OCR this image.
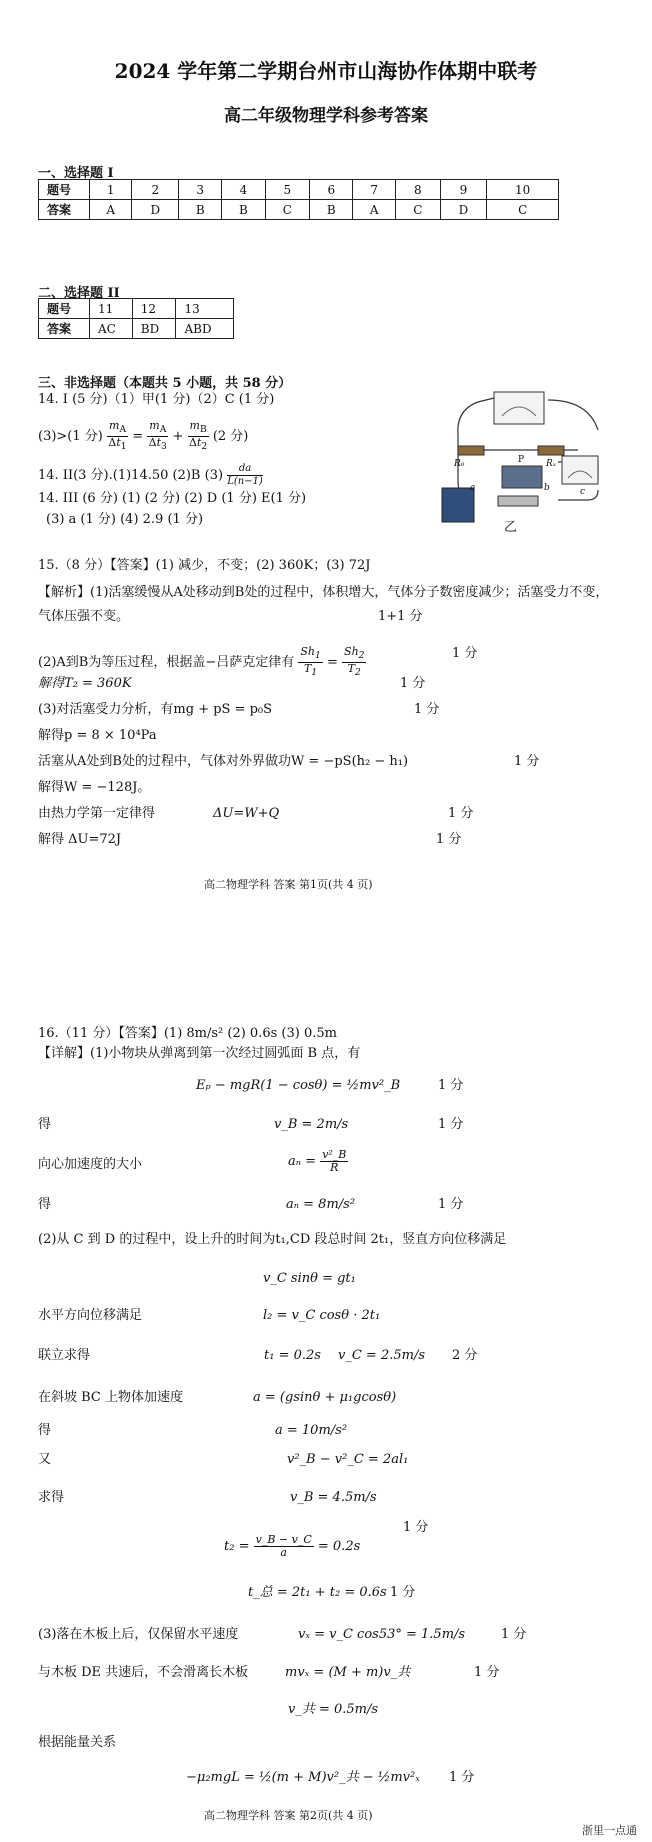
2024 学年第二学期台州市山海协作体期中联考
高二年级物理学科参考答案
一、选择题 I
题号	1	2	3	4	5	6	7	8	9	10
答案	A	D	B	B	C	B	A	C	D	C
二、选择题 II
题号	11	12	13
答案	AC	BD	ABD
三、非选择题（本题共 5 小题，共 58 分）
14. I (5 分)（1）甲(1 分)（2）C (1 分)
(3)>(1 分) $\frac{m_A}{\Delta t_1} = \frac{m_A}{\Delta t_3} + \frac{m_B}{\Delta t_2} (2$ 分)
14. II(3 分).(1)14.50 (2)B $(3) \frac{da}{L(n-1)}$
14. III (6 分) (1) (2 分) (2) D (1 分) E(1 分)
(3) a (1 分) (4) 2.9 (1 分)
R₀	Rₓ
P
a	b	c
乙
15.（8 分）【答案】(1) 减少，不变；(2) 360K；(3) 72J
【解析】(1)活塞缓慢从A处移动到B处的过程中，体积增大，气体分子数密度减少；活塞受力不变，
气体压强不变。	1+1 分
(2)A到B为等压过程，根据盖−吕萨克定律有 $\frac{Sh_1}{T_1} = \frac{Sh_2}{T_2}$	1 分
解得T₂ = 360K	1 分
(3)对活塞受力分析，有mg + pS = p₀S	1 分
解得p = 8 × 10⁴Pa
活塞从A处到B处的过程中，气体对外界做功W = −pS(h₂ − h₁)	1 分
解得W = −128J。
由热力学第一定律得	ΔU=W+Q	1 分
解得 ΔU=72J	1 分
高二物理学科 答案 第1页(共 4 页)
16.（11 分）【答案】(1) 8m/s² (2) 0.6s (3) 0.5m
【详解】(1)小物块从弹离到第一次经过圆弧面 B 点，有
Eₚ − mgR(1 − cosθ) = ½mv²_B	1 分
得	v_B = 2m/s	1 分
向心加速度的大小	$a_n = \frac{\text{v²\_B}}{R}$
得	aₙ = 8m/s²	1 分
(2)从 C 到 D 的过程中，设上升的时间为t₁,CD 段总时间 2t₁，竖直方向位移满足
v_C sinθ = gt₁
水平方向位移满足	l₂ = v_C cosθ · 2t₁
联立求得	t₁ = 0.2s v_C = 2.5m/s 2 分
在斜坡 BC 上物体加速度	a = (gsinθ + μ₁gcosθ)
得	a = 10m/s²
又	v²_B − v²_C = 2al₁
求得	v_B = 4.5m/s
1 分
$t_2 = \frac{v\_B - v\_C}{a} = 0.2s$
t_总 = 2t₁ + t₂ = 0.6s 1 分
(3)落在木板上后，仅保留水平速度	vₓ = v_C cos53° = 1.5m/s	1 分
与木板 DE 共速后，不会滑离长木板	mvₓ = (M + m)v_共	1 分
v_共 = 0.5m/s
根据能量关系
−μ₂mgL = ½(m + M)v²_共 − ½mv²ₓ 1 分
高二物理学科 答案 第2页(共 4 页)
浙里一点通
